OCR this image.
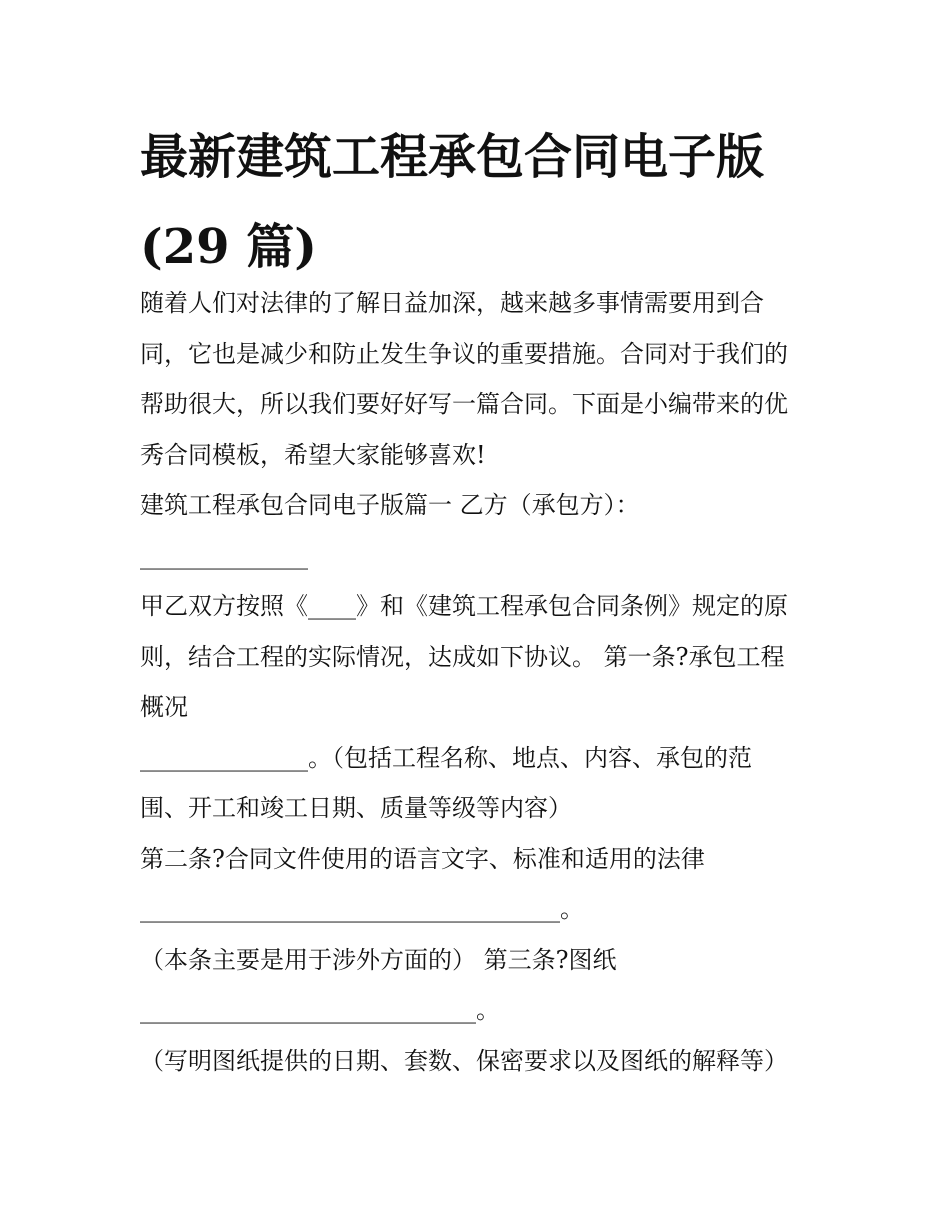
最新建筑工程承包合同电子版
(29 篇)
随着人们对法律的了解日益加深，越来越多事情需要用到合
同，它也是减少和防止发生争议的重要措施。合同对于我们的
帮助很大，所以我们要好好写一篇合同。下面是小编带来的优
秀合同模板，希望大家能够喜欢!
建筑工程承包合同电子版篇一 乙方（承包方）：
______________
甲乙双方按照《____》和《建筑工程承包合同条例》规定的原
则，结合工程的实际情况，达成如下协议。 第一条?承包工程
概况
______________。（包括工程名称、地点、内容、承包的范
围、开工和竣工日期、质量等级等内容）
第二条?合同文件使用的语言文字、标准和适用的法律
___________________________________。
（本条主要是用于涉外方面的） 第三条?图纸
____________________________。
（写明图纸提供的日期、套数、保密要求以及图纸的解释等）
